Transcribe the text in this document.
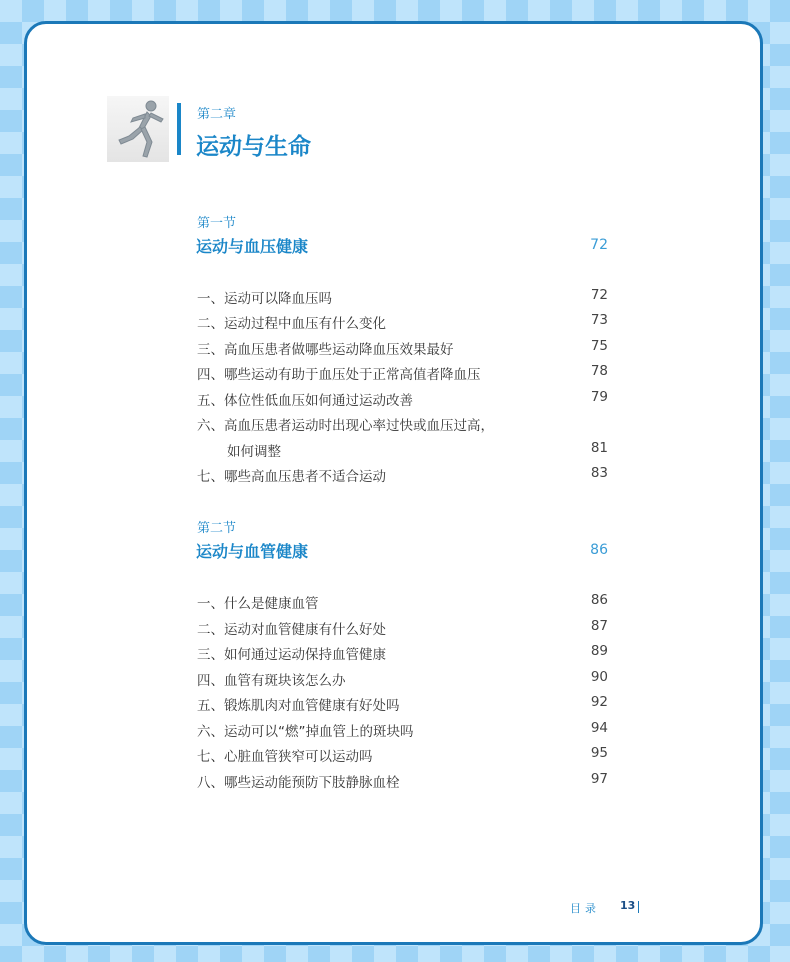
第二章
运动与生命
第一节
运动与血压健康	72
一、运动可以降血压吗	72
二、运动过程中血压有什么变化	73
三、高血压患者做哪些运动降血压效果最好	75
四、哪些运动有助于血压处于正常高值者降血压	78
五、体位性低血压如何通过运动改善	79
六、高血压患者运动时出现心率过快或血压过高，
如何调整	81
七、哪些高血压患者不适合运动	83
第二节
运动与血管健康	86
一、什么是健康血管	86
二、运动对血管健康有什么好处	87
三、如何通过运动保持血管健康	89
四、血管有斑块该怎么办	90
五、锻炼肌肉对血管健康有好处吗	92
六、运动可以“燃”掉血管上的斑块吗	94
七、心脏血管狭窄可以运动吗	95
八、哪些运动能预防下肢静脉血栓	97
目录 13
